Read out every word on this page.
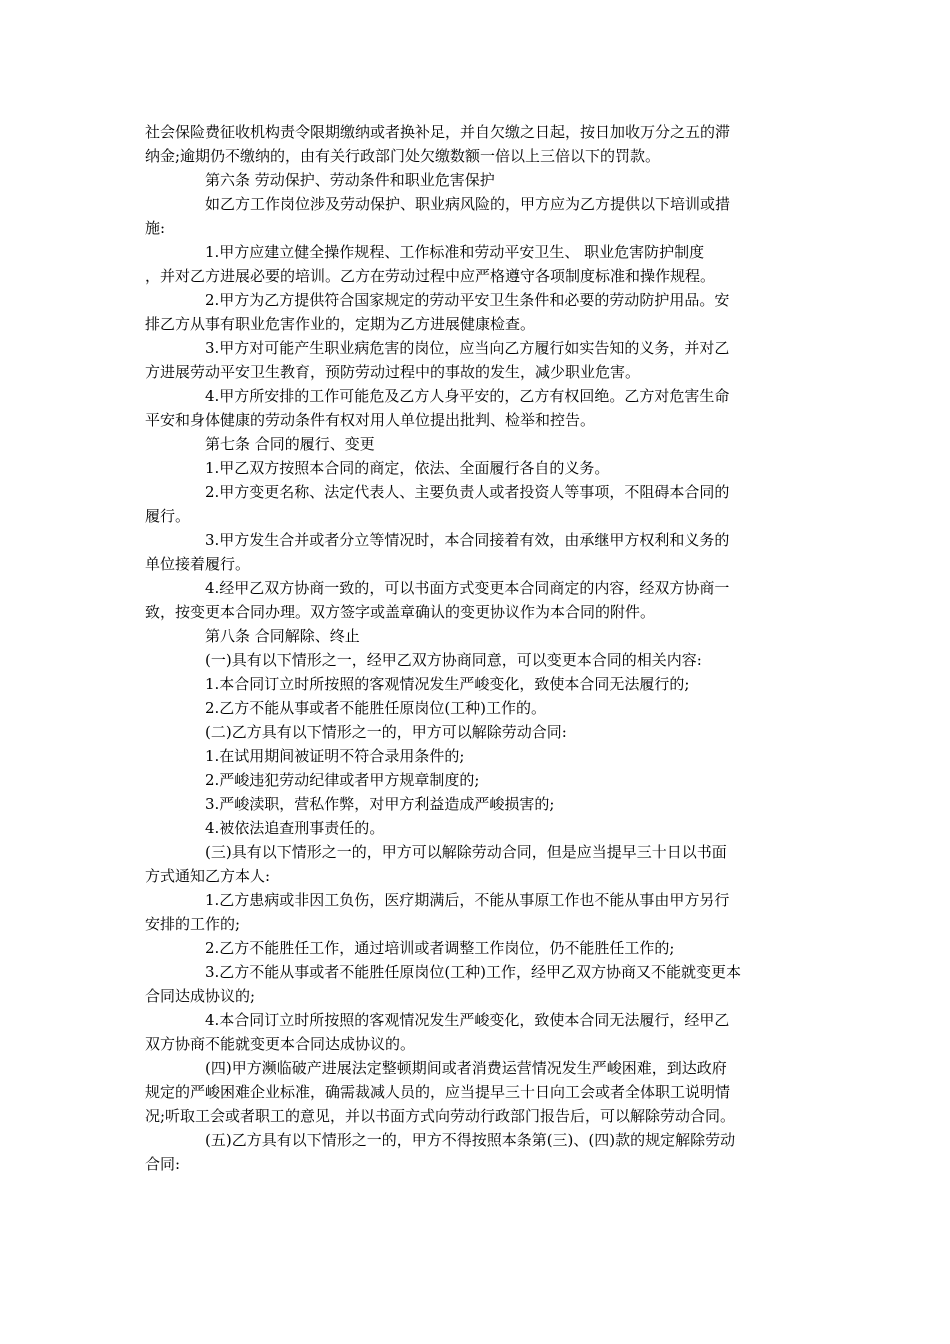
社会保险费征收机构责令限期缴纳或者换补足，并自欠缴之日起，按日加收万分之五的滞
纳金;逾期仍不缴纳的，由有关行政部门处欠缴数额一倍以上三倍以下的罚款。
第六条 劳动保护、劳动条件和职业危害保护
如乙方工作岗位涉及劳动保护、职业病风险的，甲方应为乙方提供以下培训或措
施:
1.甲方应建立健全操作规程、工作标准和劳动平安卫生、 职业危害防护制度
，并对乙方进展必要的培训。乙方在劳动过程中应严格遵守各项制度标准和操作规程。
2.甲方为乙方提供符合国家规定的劳动平安卫生条件和必要的劳动防护用品。安
排乙方从事有职业危害作业的，定期为乙方进展健康检查。
3.甲方对可能产生职业病危害的岗位，应当向乙方履行如实告知的义务，并对乙
方进展劳动平安卫生教育，预防劳动过程中的事故的发生，减少职业危害。
4.甲方所安排的工作可能危及乙方人身平安的，乙方有权回绝。乙方对危害生命
平安和身体健康的劳动条件有权对用人单位提出批判、检举和控告。
第七条 合同的履行、变更
1.甲乙双方按照本合同的商定，依法、全面履行各自的义务。
2.甲方变更名称、法定代表人、主要负责人或者投资人等事项，不阻碍本合同的
履行。
3.甲方发生合并或者分立等情况时，本合同接着有效，由承继甲方权利和义务的
单位接着履行。
4.经甲乙双方协商一致的，可以书面方式变更本合同商定的内容，经双方协商一
致，按变更本合同办理。双方签字或盖章确认的变更协议作为本合同的附件。
第八条 合同解除、终止
(一)具有以下情形之一，经甲乙双方协商同意，可以变更本合同的相关内容:
1.本合同订立时所按照的客观情况发生严峻变化，致使本合同无法履行的;
2.乙方不能从事或者不能胜任原岗位(工种)工作的。
(二)乙方具有以下情形之一的，甲方可以解除劳动合同:
1.在试用期间被证明不符合录用条件的;
2.严峻违犯劳动纪律或者甲方规章制度的;
3.严峻渎职，营私作弊，对甲方利益造成严峻损害的;
4.被依法追查刑事责任的。
(三)具有以下情形之一的，甲方可以解除劳动合同，但是应当提早三十日以书面
方式通知乙方本人:
1.乙方患病或非因工负伤，医疗期满后，不能从事原工作也不能从事由甲方另行
安排的工作的;
2.乙方不能胜任工作，通过培训或者调整工作岗位，仍不能胜任工作的;
3.乙方不能从事或者不能胜任原岗位(工种)工作，经甲乙双方协商又不能就变更本
合同达成协议的;
4.本合同订立时所按照的客观情况发生严峻变化，致使本合同无法履行，经甲乙
双方协商不能就变更本合同达成协议的。
(四)甲方濒临破产进展法定整顿期间或者消费运营情况发生严峻困难，到达政府
规定的严峻困难企业标准，确需裁减人员的，应当提早三十日向工会或者全体职工说明情
况;听取工会或者职工的意见，并以书面方式向劳动行政部门报告后，可以解除劳动合同。
(五)乙方具有以下情形之一的，甲方不得按照本条第(三)、(四)款的规定解除劳动
合同:
